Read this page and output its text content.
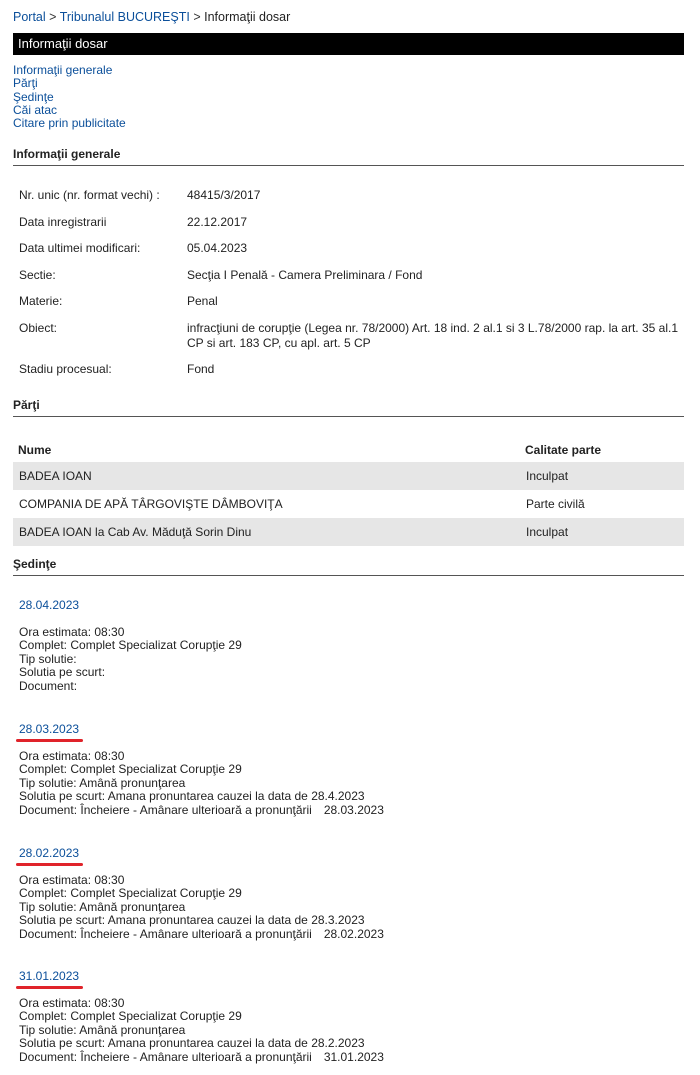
Portal > Tribunalul BUCUREŞTI > Informaţii dosar
Informaţii dosar
Informaţii generale
Părţi
Şedinţe
Căi atac
Citare prin publicitate
Informaţii generale
Nr. unic (nr. format vechi) :	48415/3/2017
Data inregistrarii	22.12.2017
Data ultimei modificari:	05.04.2023
Sectie:	Secţia I Penală - Camera Preliminara / Fond
Materie:	Penal
Obiect:	infracţiuni de corupţie (Legea nr. 78/2000) Art. 18 ind. 2 al.1 si 3 L.78/2000 rap. la art. 35 al.1 CP si art. 183 CP, cu apl. art. 5 CP
Stadiu procesual:	Fond
Părţi
Nume	Calitate parte
BADEA IOAN	Inculpat
COMPANIA DE APĂ TÂRGOVIŞTE DÂMBOVIŢA	Parte civilă
BADEA IOAN la Cab Av. Măduţă Sorin Dinu	Inculpat
Şedinţe
28.04.2023
Ora estimata: 08:30
Complet: Complet Specializat Corupţie 29
Tip solutie:
Solutia pe scurt:
Document:
28.03.2023
Ora estimata: 08:30
Complet: Complet Specializat Corupţie 29
Tip solutie: Amână pronunţarea
Solutia pe scurt: Amana pronuntarea cauzei la data de 28.4.2023
Document: Încheiere - Amânare ulterioară a pronunţării 28.03.2023
28.02.2023
Ora estimata: 08:30
Complet: Complet Specializat Corupţie 29
Tip solutie: Amână pronunţarea
Solutia pe scurt: Amana pronuntarea cauzei la data de 28.3.2023
Document: Încheiere - Amânare ulterioară a pronunţării 28.02.2023
31.01.2023
Ora estimata: 08:30
Complet: Complet Specializat Corupţie 29
Tip solutie: Amână pronunţarea
Solutia pe scurt: Amana pronuntarea cauzei la data de 28.2.2023
Document: Încheiere - Amânare ulterioară a pronunţării 31.01.2023
